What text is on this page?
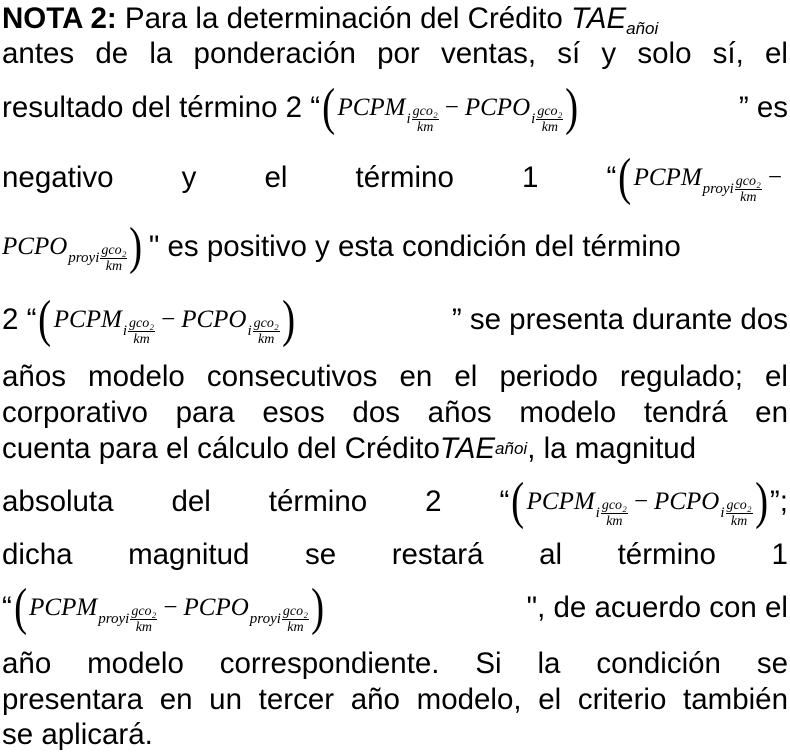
NOTA 2: Para la determinación del Crédito $TAE_{añoi}$
antes de la ponderación por ventas, sí y solo sí, el
resultado del término 2 “ ( PCPM i $\frac{\text{gco₂}}{km}$ − PCPO i $\frac{\text{gco₂}}{km}$ )	” es
negativo y el término 1 “ ( PCPM proyi $\frac{\text{gco₂}}{km}$ −
PCPO proyi $\frac{\text{gco₂}}{km}$ ) " es positivo y esta condición del término
2 “ ( PCPM i $\frac{\text{gco₂}}{km}$ − PCPO i $\frac{\text{gco₂}}{km}$ )	” se presenta durante dos
años modelo consecutivos en el periodo regulado; el
corporativo para esos dos años modelo tendrá en
cuenta para el cálculo del Crédito TAE añoi , la magnitud
absoluta del término 2 “ ( PCPM i $\frac{\text{gco₂}}{km}$ − PCPO i $\frac{\text{gco₂}}{km}$ ) ”;
dicha magnitud se restará al término 1
“ ( PCPM proyi $\frac{\text{gco₂}}{km}$ − PCPO proyi $\frac{\text{gco₂}}{km}$ )	", de acuerdo con el
año modelo correspondiente. Si la condición se
presentara en un tercer año modelo, el criterio también
se aplicará.
